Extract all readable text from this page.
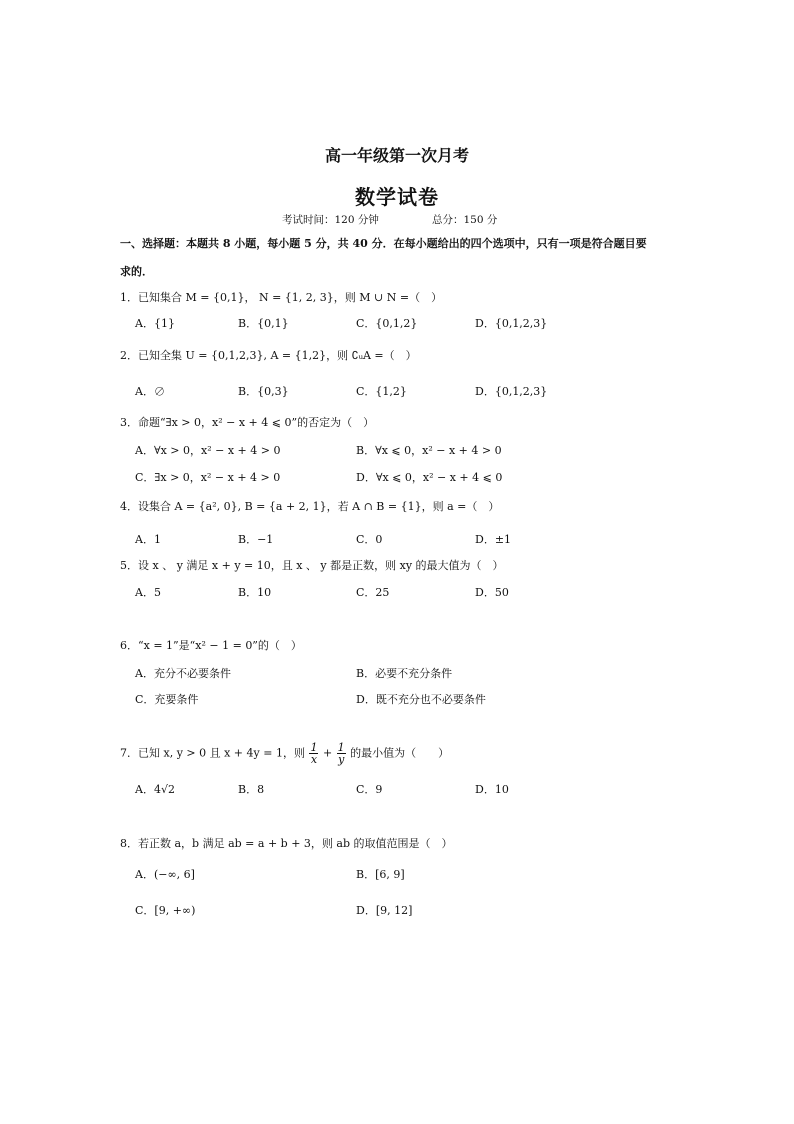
高一年级第一次月考
数学试卷
考试时间：120 分钟	总分：150 分
一、选择题：本题共 8 小题，每小题 5 分，共 40 分．在每小题给出的四个选项中，只有一项是符合题目要
求的．
1．已知集合 M = {0,1}， N = {1, 2, 3}，则 M ∪ N =（　）
A．{1}	B．{0,1}	C．{0,1,2}	D．{0,1,2,3}
2．已知全集 U = {0,1,2,3}, A = {1,2}，则 ∁ᵤA =（　）
A．∅	B．{0,3}	C．{1,2}	D．{0,1,2,3}
3．命题“∃x > 0，x² − x + 4 ⩽ 0”的否定为（　）
A．∀x > 0，x² − x + 4 > 0	B．∀x ⩽ 0，x² − x + 4 > 0
C．∃x > 0，x² − x + 4 > 0	D．∀x ⩽ 0，x² − x + 4 ⩽ 0
4．设集合 A = {a², 0}, B = {a + 2, 1}，若 A ∩ B = {1}，则 a =（　）
A．1	B．−1	C．0	D．±1
5．设 x 、 y 满足 x + y = 10，且 x 、 y 都是正数，则 xy 的最大值为（　）
A．5	B．10	C．25	D．50
6．“x = 1”是“x² − 1 = 0”的（　）
A．充分不必要条件	B．必要不充分条件
C．充要条件	D．既不充分也不必要条件
7．已知 x, y > 0 且 x + 4y = 1，则 $\frac{1}{x} + \frac{1}{y}$ 的最小值为（　　）
A．4√2	B．8	C．9	D．10
8．若正数 a，b 满足 ab = a + b + 3，则 ab 的取值范围是（　）
A．(−∞, 6]	B．[6, 9]
C．[9, +∞)	D．[9, 12]
